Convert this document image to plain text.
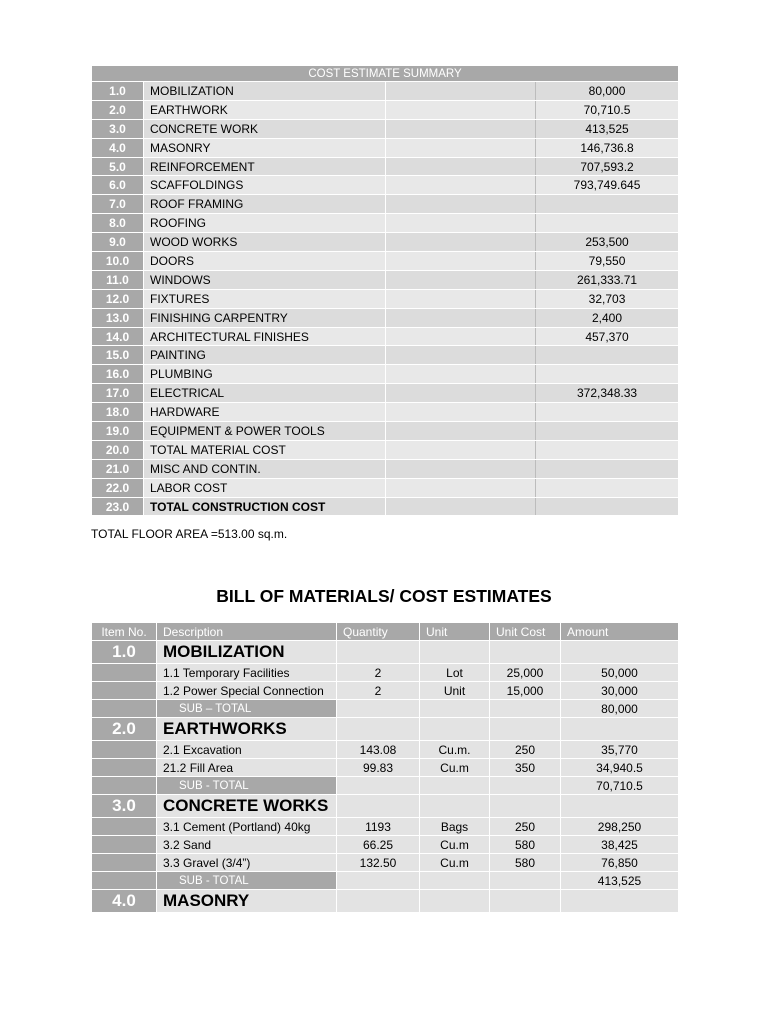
COST ESTIMATE SUMMARY			
1.0	MOBILIZATION		80,000
2.0	EARTHWORK		70,710.5
3.0	CONCRETE WORK		413,525
4.0	MASONRY		146,736.8
5.0	REINFORCEMENT		707,593.2
6.0	SCAFFOLDINGS		793,749.645
7.0	ROOF FRAMING		
8.0	ROOFING		
9.0	WOOD WORKS		253,500
10.0	DOORS		79,550
11.0	WINDOWS		261,333.71
12.0	FIXTURES		32,703
13.0	FINISHING CARPENTRY		2,400
14.0	ARCHITECTURAL FINISHES		457,370
15.0	PAINTING		
16.0	PLUMBING		
17.0	ELECTRICAL		372,348.33
18.0	HARDWARE		
19.0	EQUIPMENT & POWER TOOLS		
20.0	TOTAL MATERIAL COST		
21.0	MISC AND CONTIN.		
22.0	LABOR COST		
23.0	TOTAL CONSTRUCTION COST		
TOTAL FLOOR AREA =513.00 sq.m.
BILL OF MATERIALS/ COST ESTIMATES
Item No.	Description	Quantity	Unit	Unit Cost	Amount
1.0	MOBILIZATION				
	1.1 Temporary Facilities	2	Lot	25,000	50,000
	1.2 Power Special Connection	2	Unit	15,000	30,000
	SUB – TOTAL				80,000
2.0	EARTHWORKS				
	2.1 Excavation	143.08	Cu.m.	250	35,770
	21.2 Fill Area	99.83	Cu.m	350	34,940.5
	SUB - TOTAL				70,710.5
3.0	CONCRETE WORKS				
	3.1 Cement (Portland) 40kg	1193	Bags	250	298,250
	3.2 Sand	66.25	Cu.m	580	38,425
	3.3 Gravel (3/4”)	132.50	Cu.m	580	76,850
	SUB - TOTAL				413,525
4.0	MASONRY				
